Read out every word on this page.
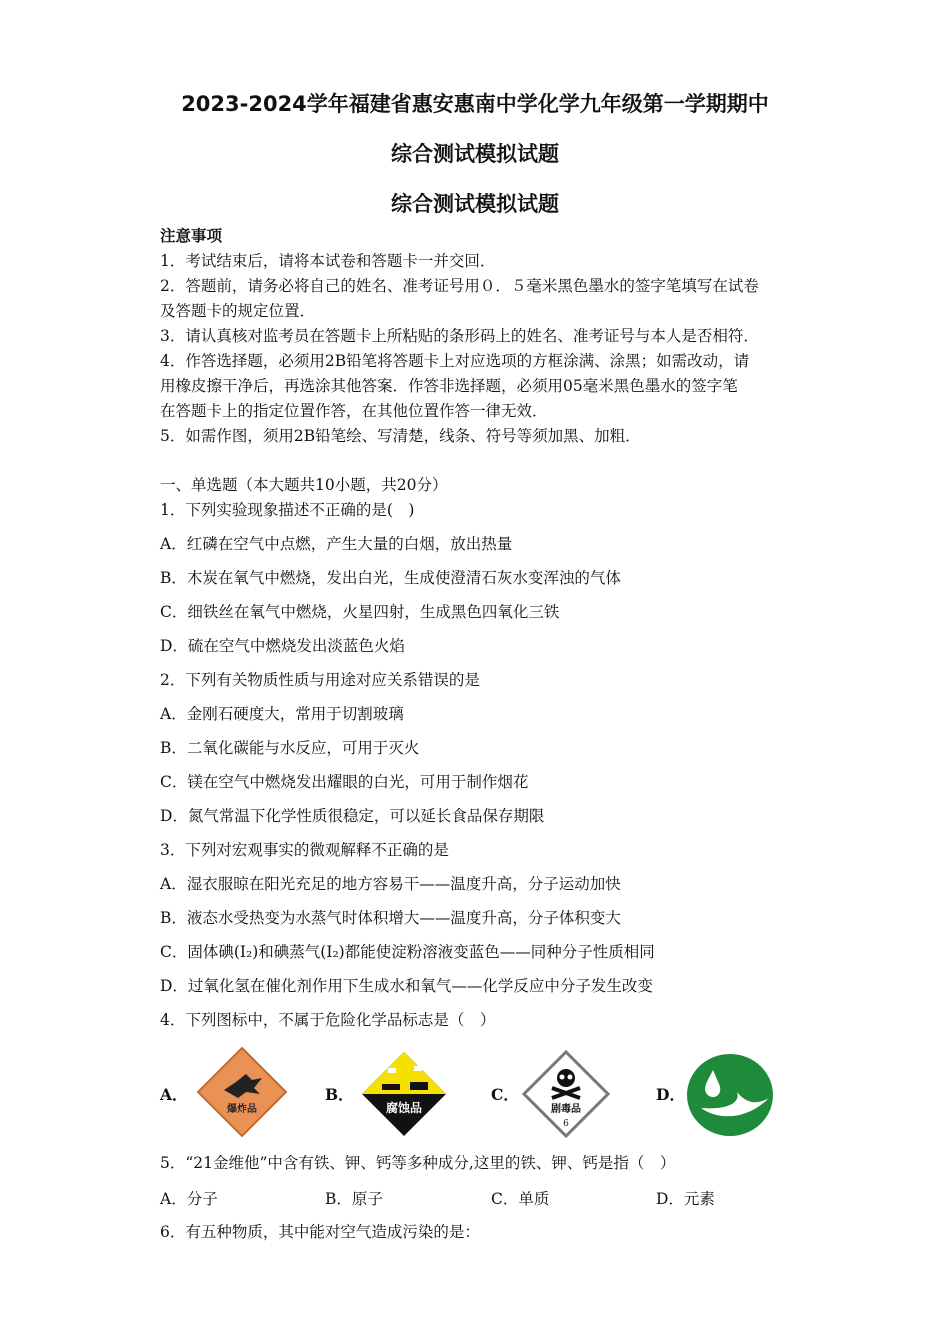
2023-2024学年福建省惠安惠南中学化学九年级第一学期期中
综合测试模拟试题
综合测试模拟试题
注意事项
1．考试结束后，请将本试卷和答题卡一并交回．
2．答题前，请务必将自己的姓名、准考证号用０．５毫米黑色墨水的签字笔填写在试卷
及答题卡的规定位置．
3．请认真核对监考员在答题卡上所粘贴的条形码上的姓名、准考证号与本人是否相符．
4．作答选择题，必须用2B铅笔将答题卡上对应选项的方框涂满、涂黑；如需改动，请
用橡皮擦干净后，再选涂其他答案．作答非选择题，必须用05毫米黑色墨水的签字笔
在答题卡上的指定位置作答，在其他位置作答一律无效．
5．如需作图，须用2B铅笔绘、写清楚，线条、符号等须加黑、加粗．
一、单选题（本大题共10小题，共20分）
1．下列实验现象描述不正确的是(　)
A．红磷在空气中点燃，产生大量的白烟，放出热量
B．木炭在氧气中燃烧，发出白光，生成使澄清石灰水变浑浊的气体
C．细铁丝在氧气中燃烧，火星四射，生成黑色四氧化三铁
D．硫在空气中燃烧发出淡蓝色火焰
2．下列有关物质性质与用途对应关系错误的是
A．金刚石硬度大，常用于切割玻璃
B．二氧化碳能与水反应，可用于灭火
C．镁在空气中燃烧发出耀眼的白光，可用于制作烟花
D．氮气常温下化学性质很稳定，可以延长食品保存期限
3．下列对宏观事实的微观解释不正确的是
A．湿衣服晾在阳光充足的地方容易干——温度升高，分子运动加快
B．液态水受热变为水蒸气时体积增大——温度升高，分子体积变大
C．固体碘(I₂)和碘蒸气(I₂)都能使淀粉溶液变蓝色——同种分子性质相同
D．过氧化氢在催化剂作用下生成水和氧气——化学反应中分子发生改变
4．下列图标中，不属于危险化学品标志是（　）
A．	B．	C．	D．
爆炸品	腐蚀品	剧毒品
6
5．“21金维他”中含有铁、钾、钙等多种成分,这里的铁、钾、钙是指（　）
A．分子	B．原子	C．单质	D．元素
6．有五种物质，其中能对空气造成污染的是：
